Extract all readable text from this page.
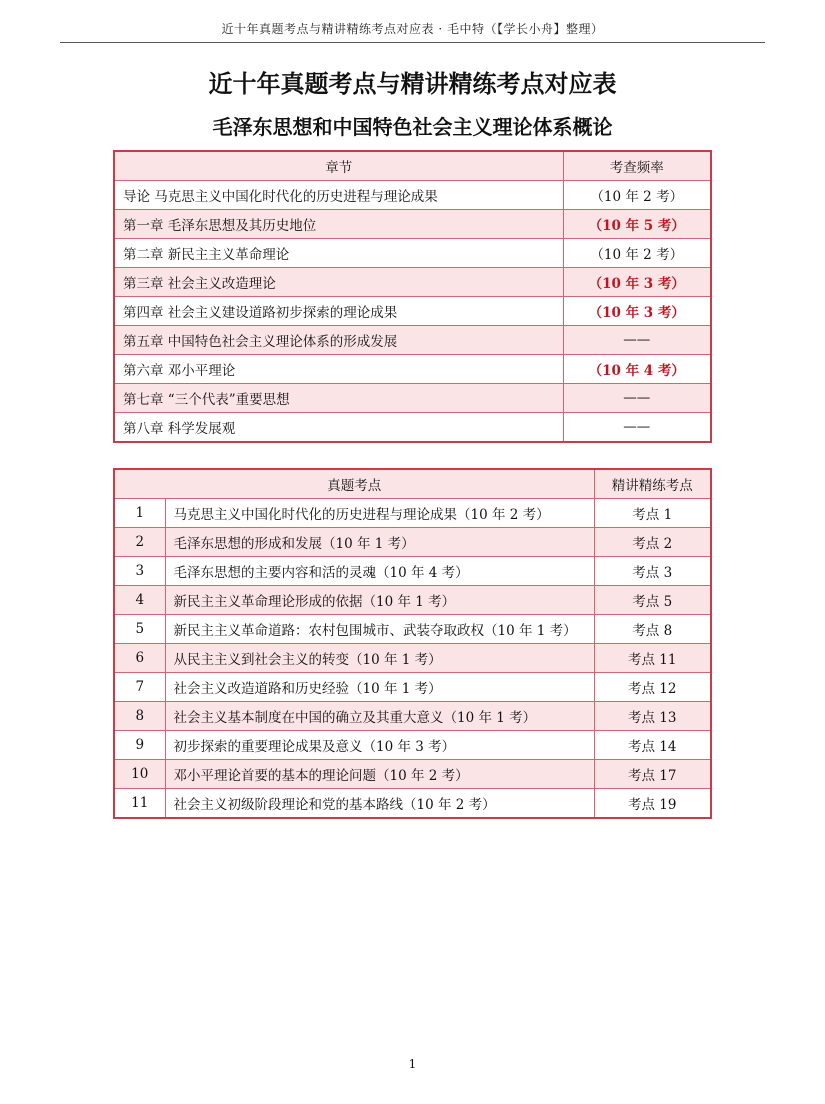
近十年真题考点与精讲精练考点对应表 · 毛中特（【学长小舟】整理）
近十年真题考点与精讲精练考点对应表
毛泽东思想和中国特色社会主义理论体系概论
章节	考查频率
导论 马克思主义中国化时代化的历史进程与理论成果	（10 年 2 考）
第一章 毛泽东思想及其历史地位	（10 年 5 考）
第二章 新民主主义革命理论	（10 年 2 考）
第三章 社会主义改造理论	（10 年 3 考）
第四章 社会主义建设道路初步探索的理论成果	（10 年 3 考）
第五章 中国特色社会主义理论体系的形成发展	——
第六章 邓小平理论	（10 年 4 考）
第七章 “三个代表”重要思想	——
第八章 科学发展观	——
真题考点		精讲精练考点
1	马克思主义中国化时代化的历史进程与理论成果（10 年 2 考）	考点 1
2	毛泽东思想的形成和发展（10 年 1 考）	考点 2
3	毛泽东思想的主要内容和活的灵魂（10 年 4 考）	考点 3
4	新民主主义革命理论形成的依据（10 年 1 考）	考点 5
5	新民主主义革命道路：农村包围城市、武装夺取政权（10 年 1 考）	考点 8
6	从民主主义到社会主义的转变（10 年 1 考）	考点 11
7	社会主义改造道路和历史经验（10 年 1 考）	考点 12
8	社会主义基本制度在中国的确立及其重大意义（10 年 1 考）	考点 13
9	初步探索的重要理论成果及意义（10 年 3 考）	考点 14
10	邓小平理论首要的基本的理论问题（10 年 2 考）	考点 17
11	社会主义初级阶段理论和党的基本路线（10 年 2 考）	考点 19
1
